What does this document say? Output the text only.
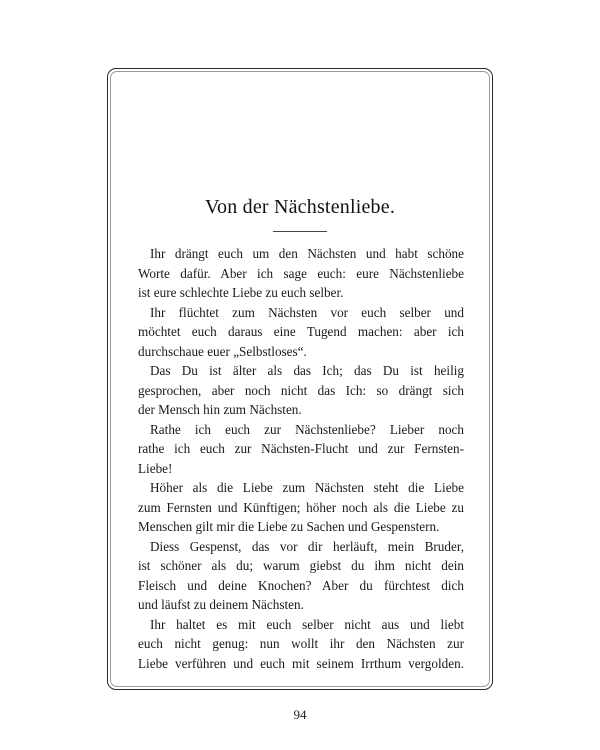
Von der Nächstenliebe.
Ihr drängt euch um den Nächsten und habt schöne
Worte dafür. Aber ich sage euch: eure Nächstenliebe
ist eure schlechte Liebe zu euch selber.
Ihr flüchtet zum Nächsten vor euch selber und
möchtet euch daraus eine Tugend machen: aber ich
durchschaue euer „Selbstloses“.
Das Du ist älter als das Ich; das Du ist heilig
gesprochen, aber noch nicht das Ich: so drängt sich
der Mensch hin zum Nächsten.
Rathe ich euch zur Nächstenliebe? Lieber noch
rathe ich euch zur Nächsten-Flucht und zur Fernsten-
Liebe!
Höher als die Liebe zum Nächsten steht die Liebe
zum Fernsten und Künftigen; höher noch als die Liebe zu
Menschen gilt mir die Liebe zu Sachen und Gespenstern.
Diess Gespenst, das vor dir herläuft, mein Bruder,
ist schöner als du; warum giebst du ihm nicht dein
Fleisch und deine Knochen? Aber du fürchtest dich
und läufst zu deinem Nächsten.
Ihr haltet es mit euch selber nicht aus und liebt
euch nicht genug: nun wollt ihr den Nächsten zur
Liebe verführen und euch mit seinem Irrthum vergolden.
94
